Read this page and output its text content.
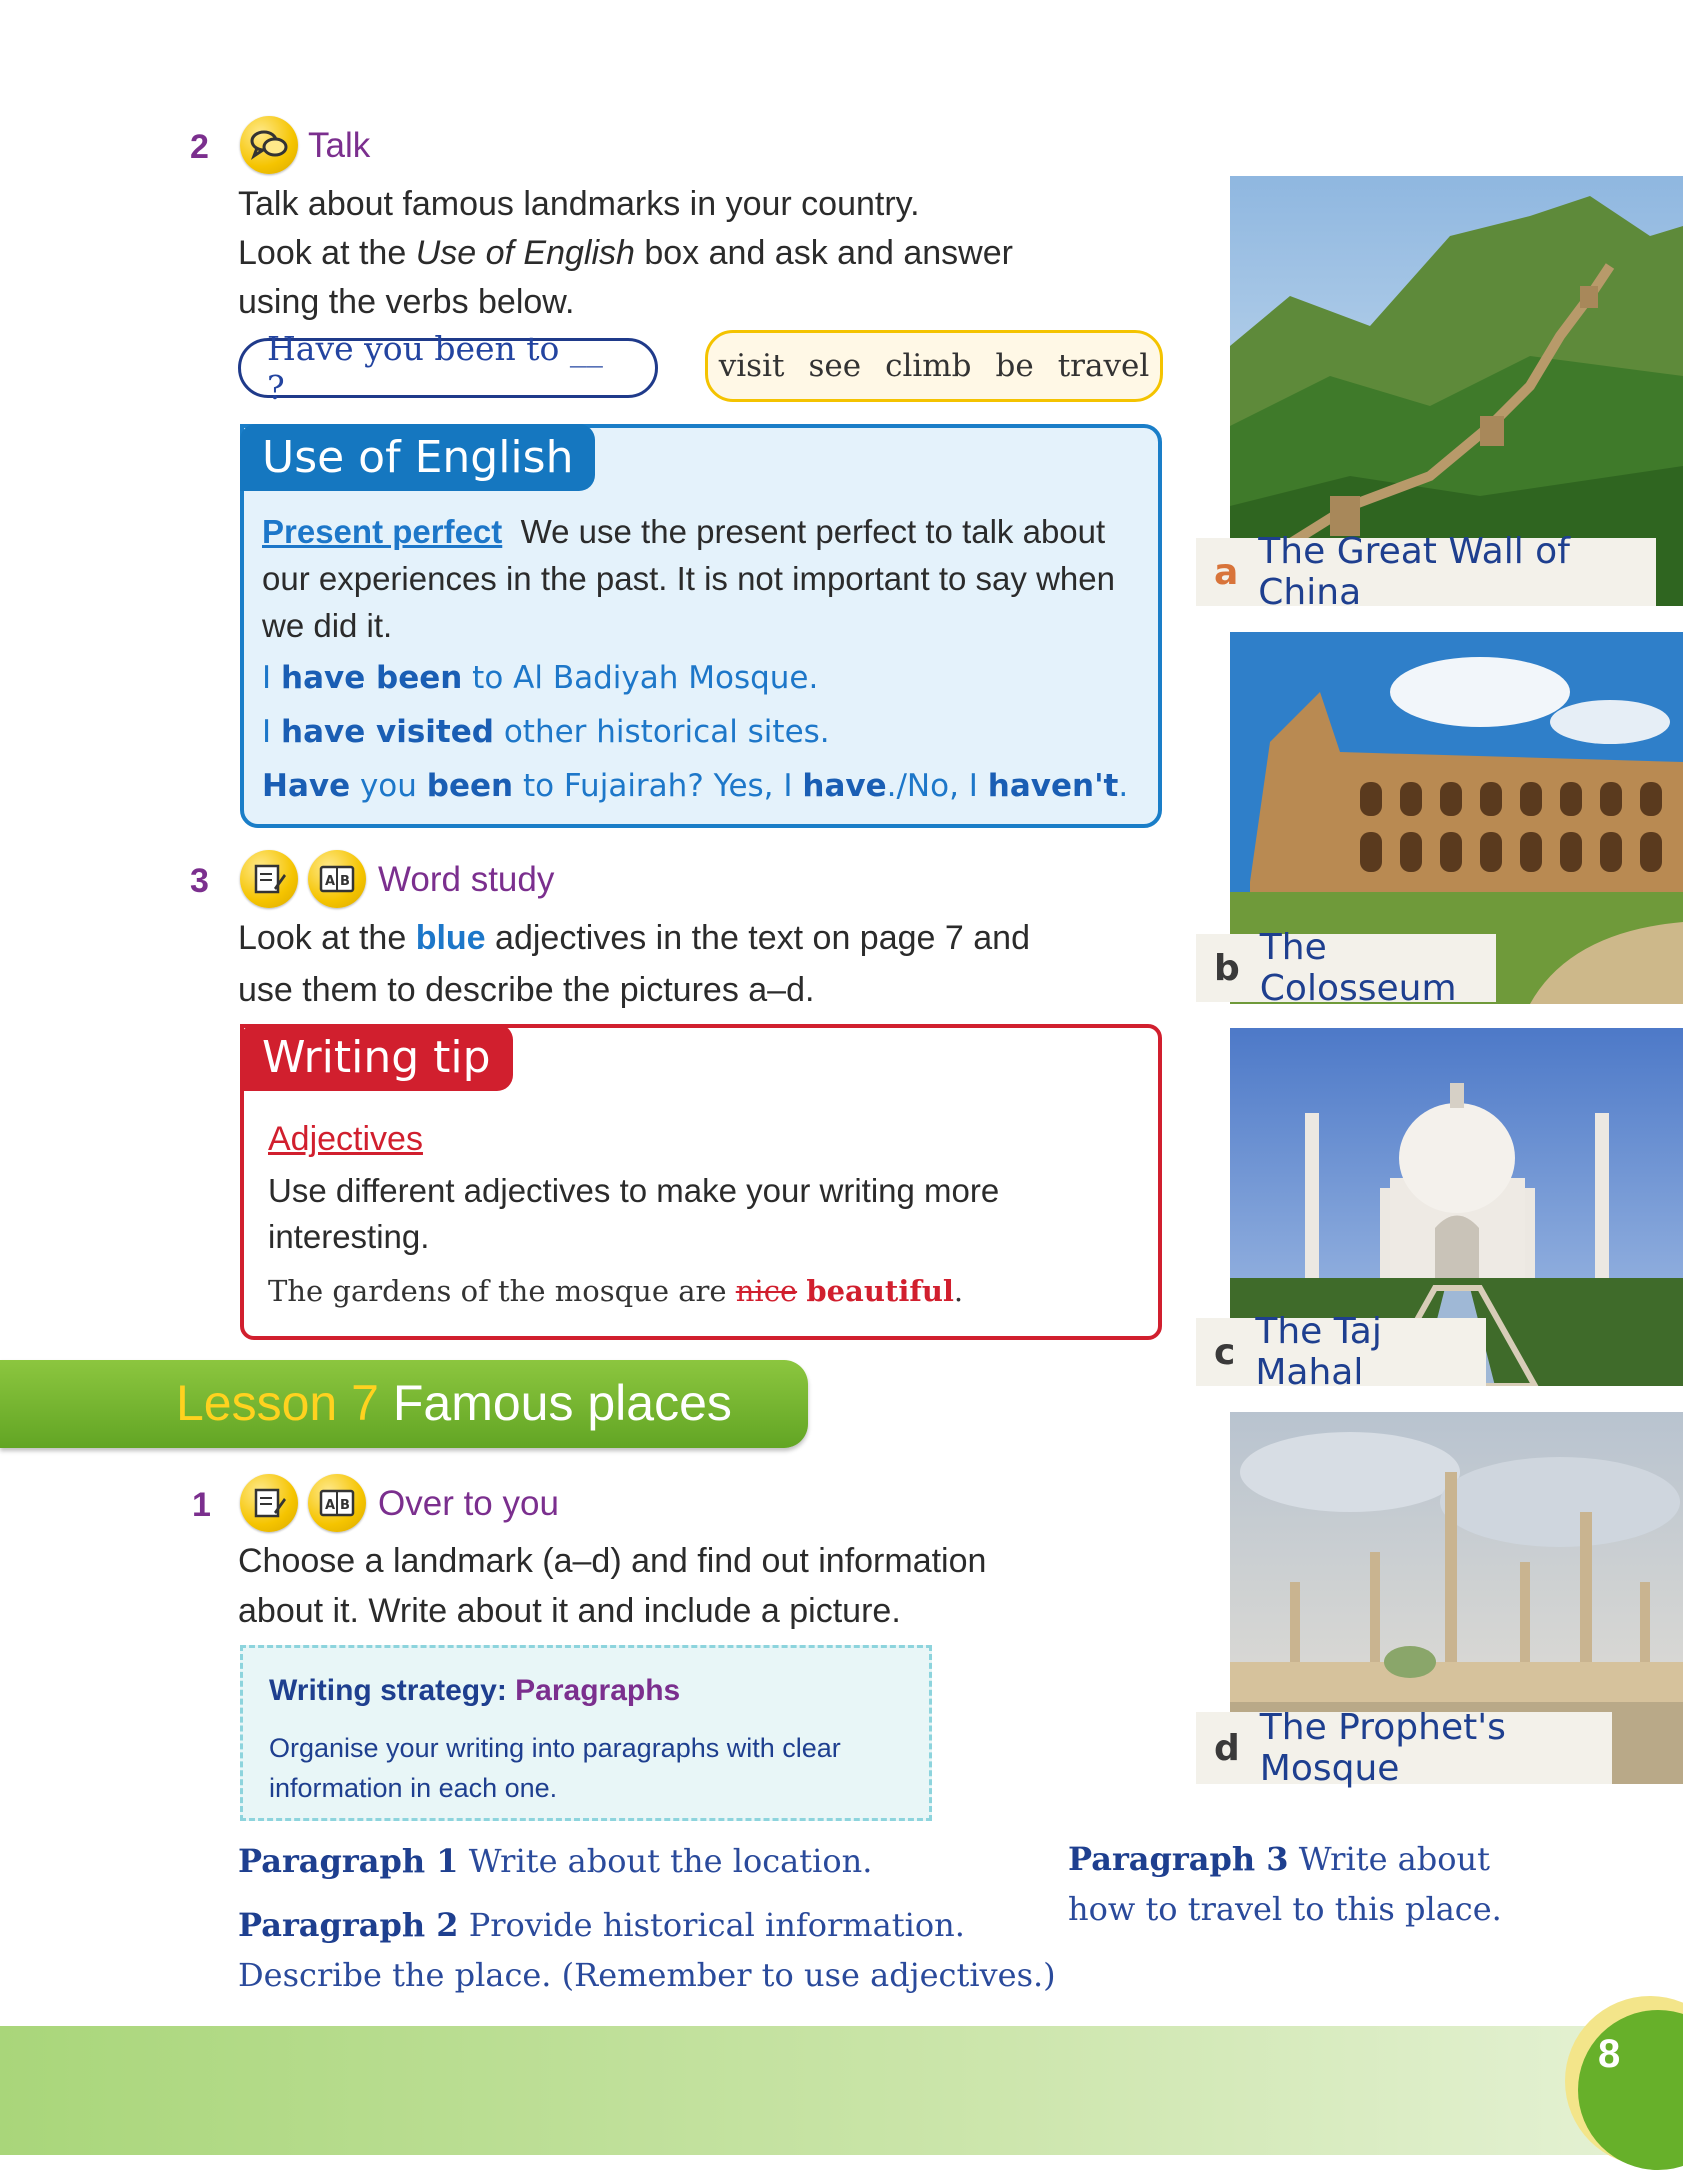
2	Talk
Talk about famous landmarks in your country.
Look at the Use of English box and ask and answer
using the verbs below.
Have you been to __ ?
visit see climb be travel
Use of English
Present perfect We use the present perfect to talk about our experiences in the past. It is not important to say when we did it.
I have been to Al Badiyah Mosque.
I have visited other historical sites.
Have you been to Fujairah? Yes, I have./No, I haven't.
3	A B Word study
Look at the blue adjectives in the text on page 7 and
use them to describe the pictures a–d.
Writing tip
Adjectives
Use different adjectives to make your writing more interesting.
The gardens of the mosque are nice beautiful.
Lesson 7 Famous places
1	A B Over to you
Choose a landmark (a–d) and find out information
about it. Write about it and include a picture.
Writing strategy: Paragraphs
Organise your writing into paragraphs with clear information in each one.
Paragraph 1 Write about the location.
Paragraph 2 Provide historical information.
Describe the place. (Remember to use adjectives.)
Paragraph 3 Write about
how to travel to this place.
a The Great Wall of China
b The Colosseum
c The Taj Mahal
d The Prophet's Mosque
8
